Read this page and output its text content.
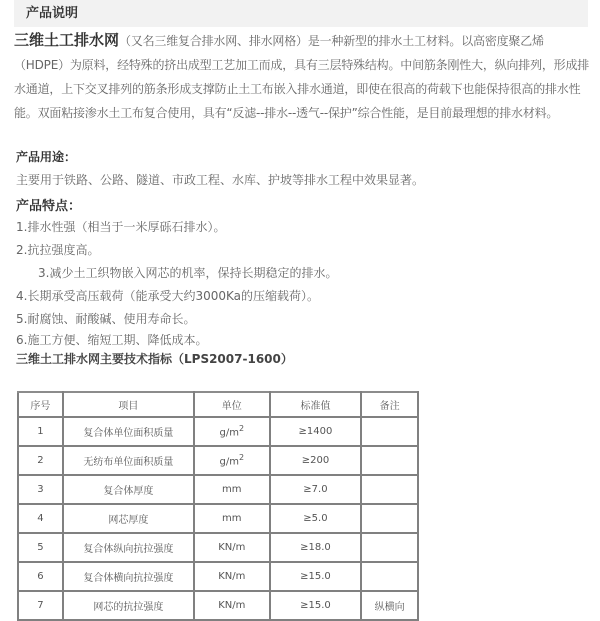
产品说明
三维土工排水网（又名三维复合排水网、排水网格）是一种新型的排水土工材料。以高密度聚乙烯（HDPE）为原料，经特殊的挤出成型工艺加工而成，具有三层特殊结构。中间筋条刚性大，纵向排列，形成排水通道，上下交叉排列的筋条形成支撑防止土工布嵌入排水通道，即使在很高的荷载下也能保持很高的排水性能。双面粘接渗水土工布复合使用，具有“反滤--排水--透气--保护”综合性能，是目前最理想的排水材料。
产品用途：
主要用于铁路、公路、隧道、市政工程、水库、护坡等排水工程中效果显著。
产品特点：
1.排水性强（相当于一米厚砾石排水）。
2.抗拉强度高。
3.减少土工织物嵌入网芯的机率，保持长期稳定的排水。
4.长期承受高压载荷（能承受大约3000Ka的压缩载荷）。
5.耐腐蚀、耐酸碱、使用寿命长。
6.施工方便、缩短工期、降低成本。
三维土工排水网主要技术指标（LPS2007-1600）
序号	项目	单位	标准值	备注
1	复合体单位面积质量	$g/m^2$	≥1400	
2	无纺布单位面积质量	$g/m^2$	≥200	
3	复合体厚度	mm	≥7.0	
4	网芯厚度	mm	≥5.0	
5	复合体纵向抗拉强度	KN/m	≥18.0	
6	复合体横向抗拉强度	KN/m	≥15.0	
7	网芯的抗拉强度	KN/m	≥15.0	纵横向
